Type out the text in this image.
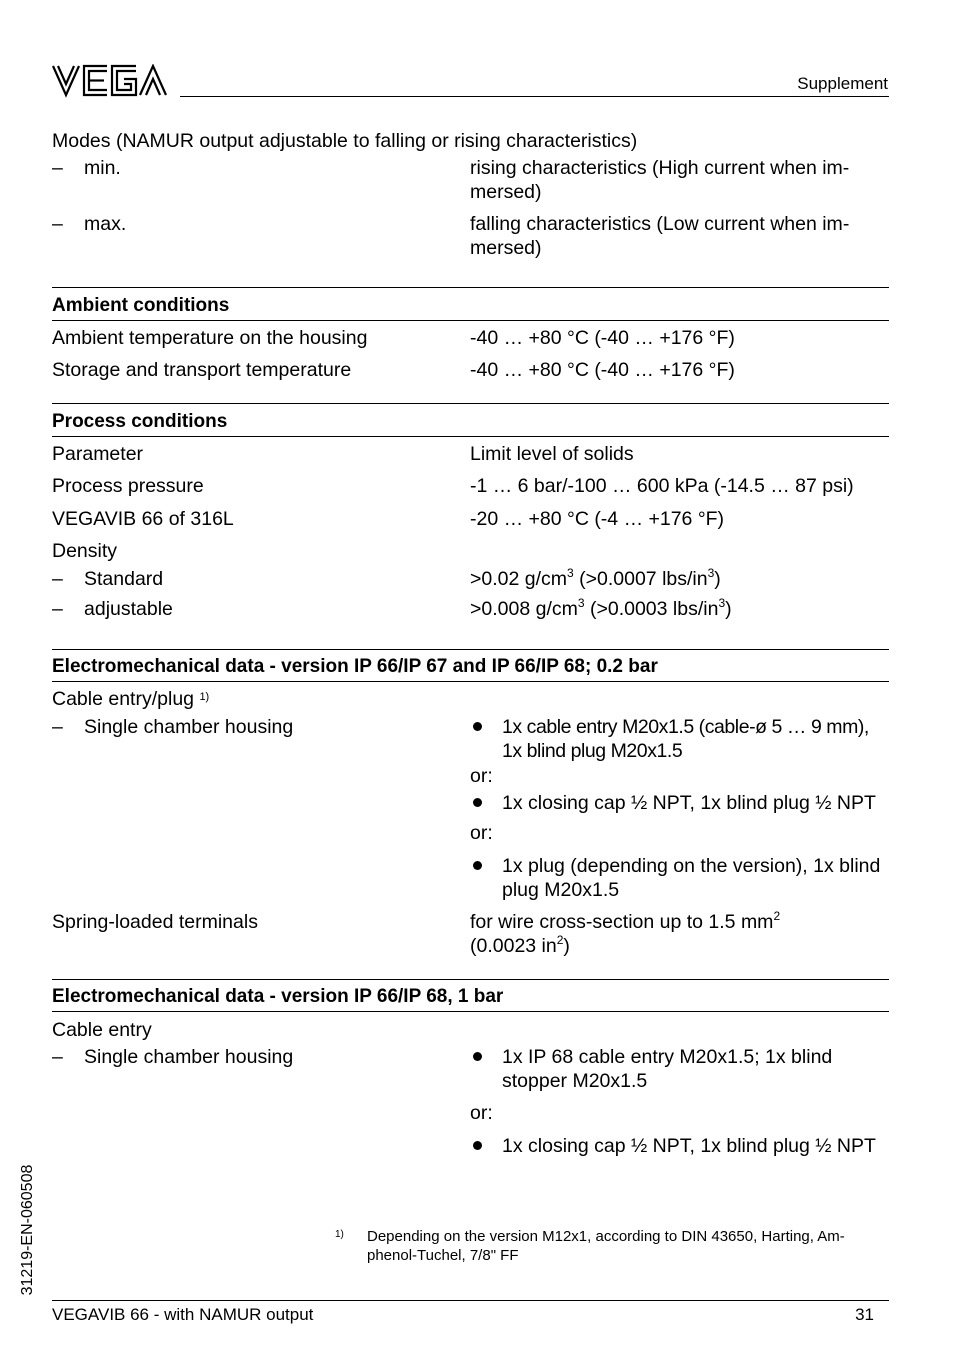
Supplement
Modes (NAMUR output adjustable to falling or rising characteristics)
– min.	rising characteristics (High current when immersed)
– max.	falling characteristics (Low current when immersed)
Ambient conditions
Ambient temperature on the housing	-40 … +80 °C (-40 … +176 °F)
Storage and transport temperature	-40 … +80 °C (-40 … +176 °F)
Process conditions
Parameter	Limit level of solids
Process pressure	-1 … 6 bar/-100 … 600 kPa (-14.5 … 87 psi)
VEGAVIB 66 of 316L	-20 … +80 °C (-4 … +176 °F)
Density
– Standard	>0.02 $g/cm^3$ (>0.0007 lbs/$in^3$)
– adjustable	>0.008 $g/cm^3$ (>0.0003 lbs/$in^3$)
Electromechanical data - version IP 66/IP 67 and IP 66/IP 68; 0.2 bar
Cable entry/plug $^{1)}$
– Single chamber housing	1x cable entry M20x1.5 (cable-ø 5 … 9 mm), 1x blind plug M20x1.5
or:
1x closing cap ½ NPT, 1x blind plug ½ NPT
or:
1x plug (depending on the version), 1x blind plug M20x1.5
Spring-loaded terminals	for wire cross-section up to 1.5 $mm^2$
(0.0023 $in^2$)
Electromechanical data - version IP 66/IP 68, 1 bar
Cable entry
– Single chamber housing	1x IP 68 cable entry M20x1.5; 1x blind stopper M20x1.5
or:
1x closing cap ½ NPT, 1x blind plug ½ NPT
1) Depending on the version M12x1, according to DIN 43650, Harting, Amphenol-Tuchel, 7/8" FF
31219-EN-060508
VEGAVIB 66 - with NAMUR output	31
